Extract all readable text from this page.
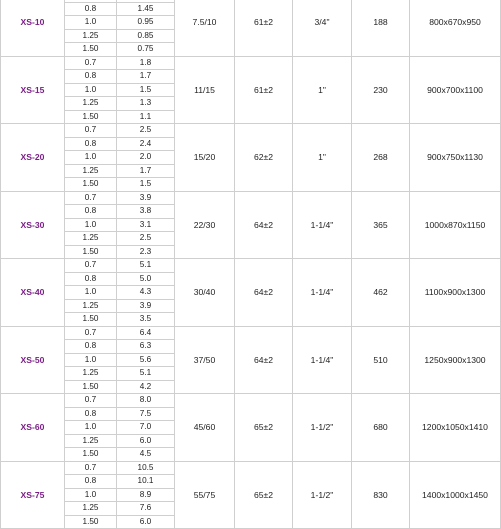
XS-10			7.5/10	61±2	3/4"	188	800x670x950
	0.8	1.45					
	1.0	0.95					
	1.25	0.85					
	1.50	0.75					
XS-15	0.7	1.8	11/15	61±2	1"	230	900x700x1100
	0.8	1.7					
	1.0	1.5					
	1.25	1.3					
	1.50	1.1					
XS-20	0.7	2.5	15/20	62±2	1"	268	900x750x1130
	0.8	2.4					
	1.0	2.0					
	1.25	1.7					
	1.50	1.5					
XS-30	0.7	3.9	22/30	64±2	1-1/4"	365	1000x870x1150
	0.8	3.8					
	1.0	3.1					
	1.25	2.5					
	1.50	2.3					
XS-40	0.7	5.1	30/40	64±2	1-1/4"	462	1100x900x1300
	0.8	5.0					
	1.0	4.3					
	1.25	3.9					
	1.50	3.5					
XS-50	0.7	6.4	37/50	64±2	1-1/4"	510	1250x900x1300
	0.8	6.3					
	1.0	5.6					
	1.25	5.1					
	1.50	4.2					
XS-60	0.7	8.0	45/60	65±2	1-1/2"	680	1200x1050x1410
	0.8	7.5					
	1.0	7.0					
	1.25	6.0					
	1.50	4.5					
XS-75	0.7	10.5	55/75	65±2	1-1/2"	830	1400x1000x1450
	0.8	10.1					
	1.0	8.9					
	1.25	7.6					
	1.50	6.0					
